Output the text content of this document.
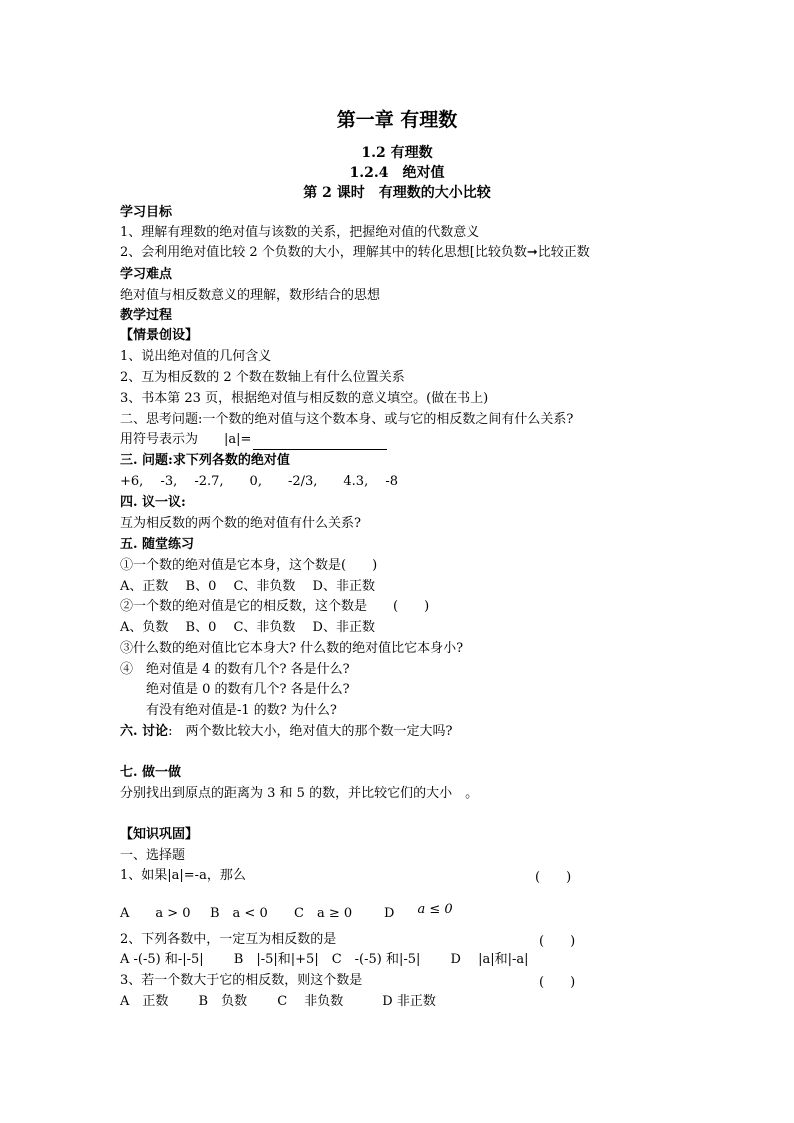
第一章 有理数
1.2 有理数
1.2.4　绝对值
第 2 课时　有理数的大小比较
学习目标
1、理解有理数的绝对值与该数的关系，把握绝对值的代数意义
2、会利用绝对值比较 2 个负数的大小，理解其中的转化思想[比较负数➞比较正数
学习难点
绝对值与相反数意义的理解，数形结合的思想
教学过程
【情景创设】
1、说出绝对值的几何含义
2、互为相反数的 2 个数在数轴上有什么位置关系
3、书本第 23 页，根据绝对值与相反数的意义填空。(做在书上)
二、思考问题:一个数的绝对值与这个数本身、或与它的相反数之间有什么关系?
用符号表示为　　|a|=
三. 问题:求下列各数的绝对值
+6,　 -3,　 -2.7,　　0,　　-2/3,　　4.3,　 -8
四. 议一议:
互为相反数的两个数的绝对值有什么关系?
五. 随堂练习
①一个数的绝对值是它本身，这个数是(　　)
A、正数　 B、0　 C、非负数　 D、非正数
②一个数的绝对值是它的相反数，这个数是　　(　　)
A、负数　 B、0　 C、非负数　 D、非正数
③什么数的绝对值比它本身大? 什么数的绝对值比它本身小?
④　绝对值是 4 的数有几个? 各是什么?
　　绝对值是 0 的数有几个? 各是什么?
　　有没有绝对值是-1 的数? 为什么?
六. 讨论:　两个数比较大小，绝对值大的那个数一定大吗?
七. 做一做
分别找出到原点的距离为 3 和 5 的数，并比较它们的大小　。
【知识巩固】
一、选择题
1、如果|a|=-a，那么	(　　)
A　　a > 0 B　a < 0 C　a ≥ 0 D　a ≤ 0
2、下列各数中，一定互为相反数的是	(　　)
A -(-5) 和-|-5|　　 B　|-5|和|+5|　C　-(-5) 和|-5|　　 D　 |a|和|-a|
3、若一个数大于它的相反数，则这个数是	(　　)
A　正数　　 B　负数　　 C　 非负数　　　D 非正数
